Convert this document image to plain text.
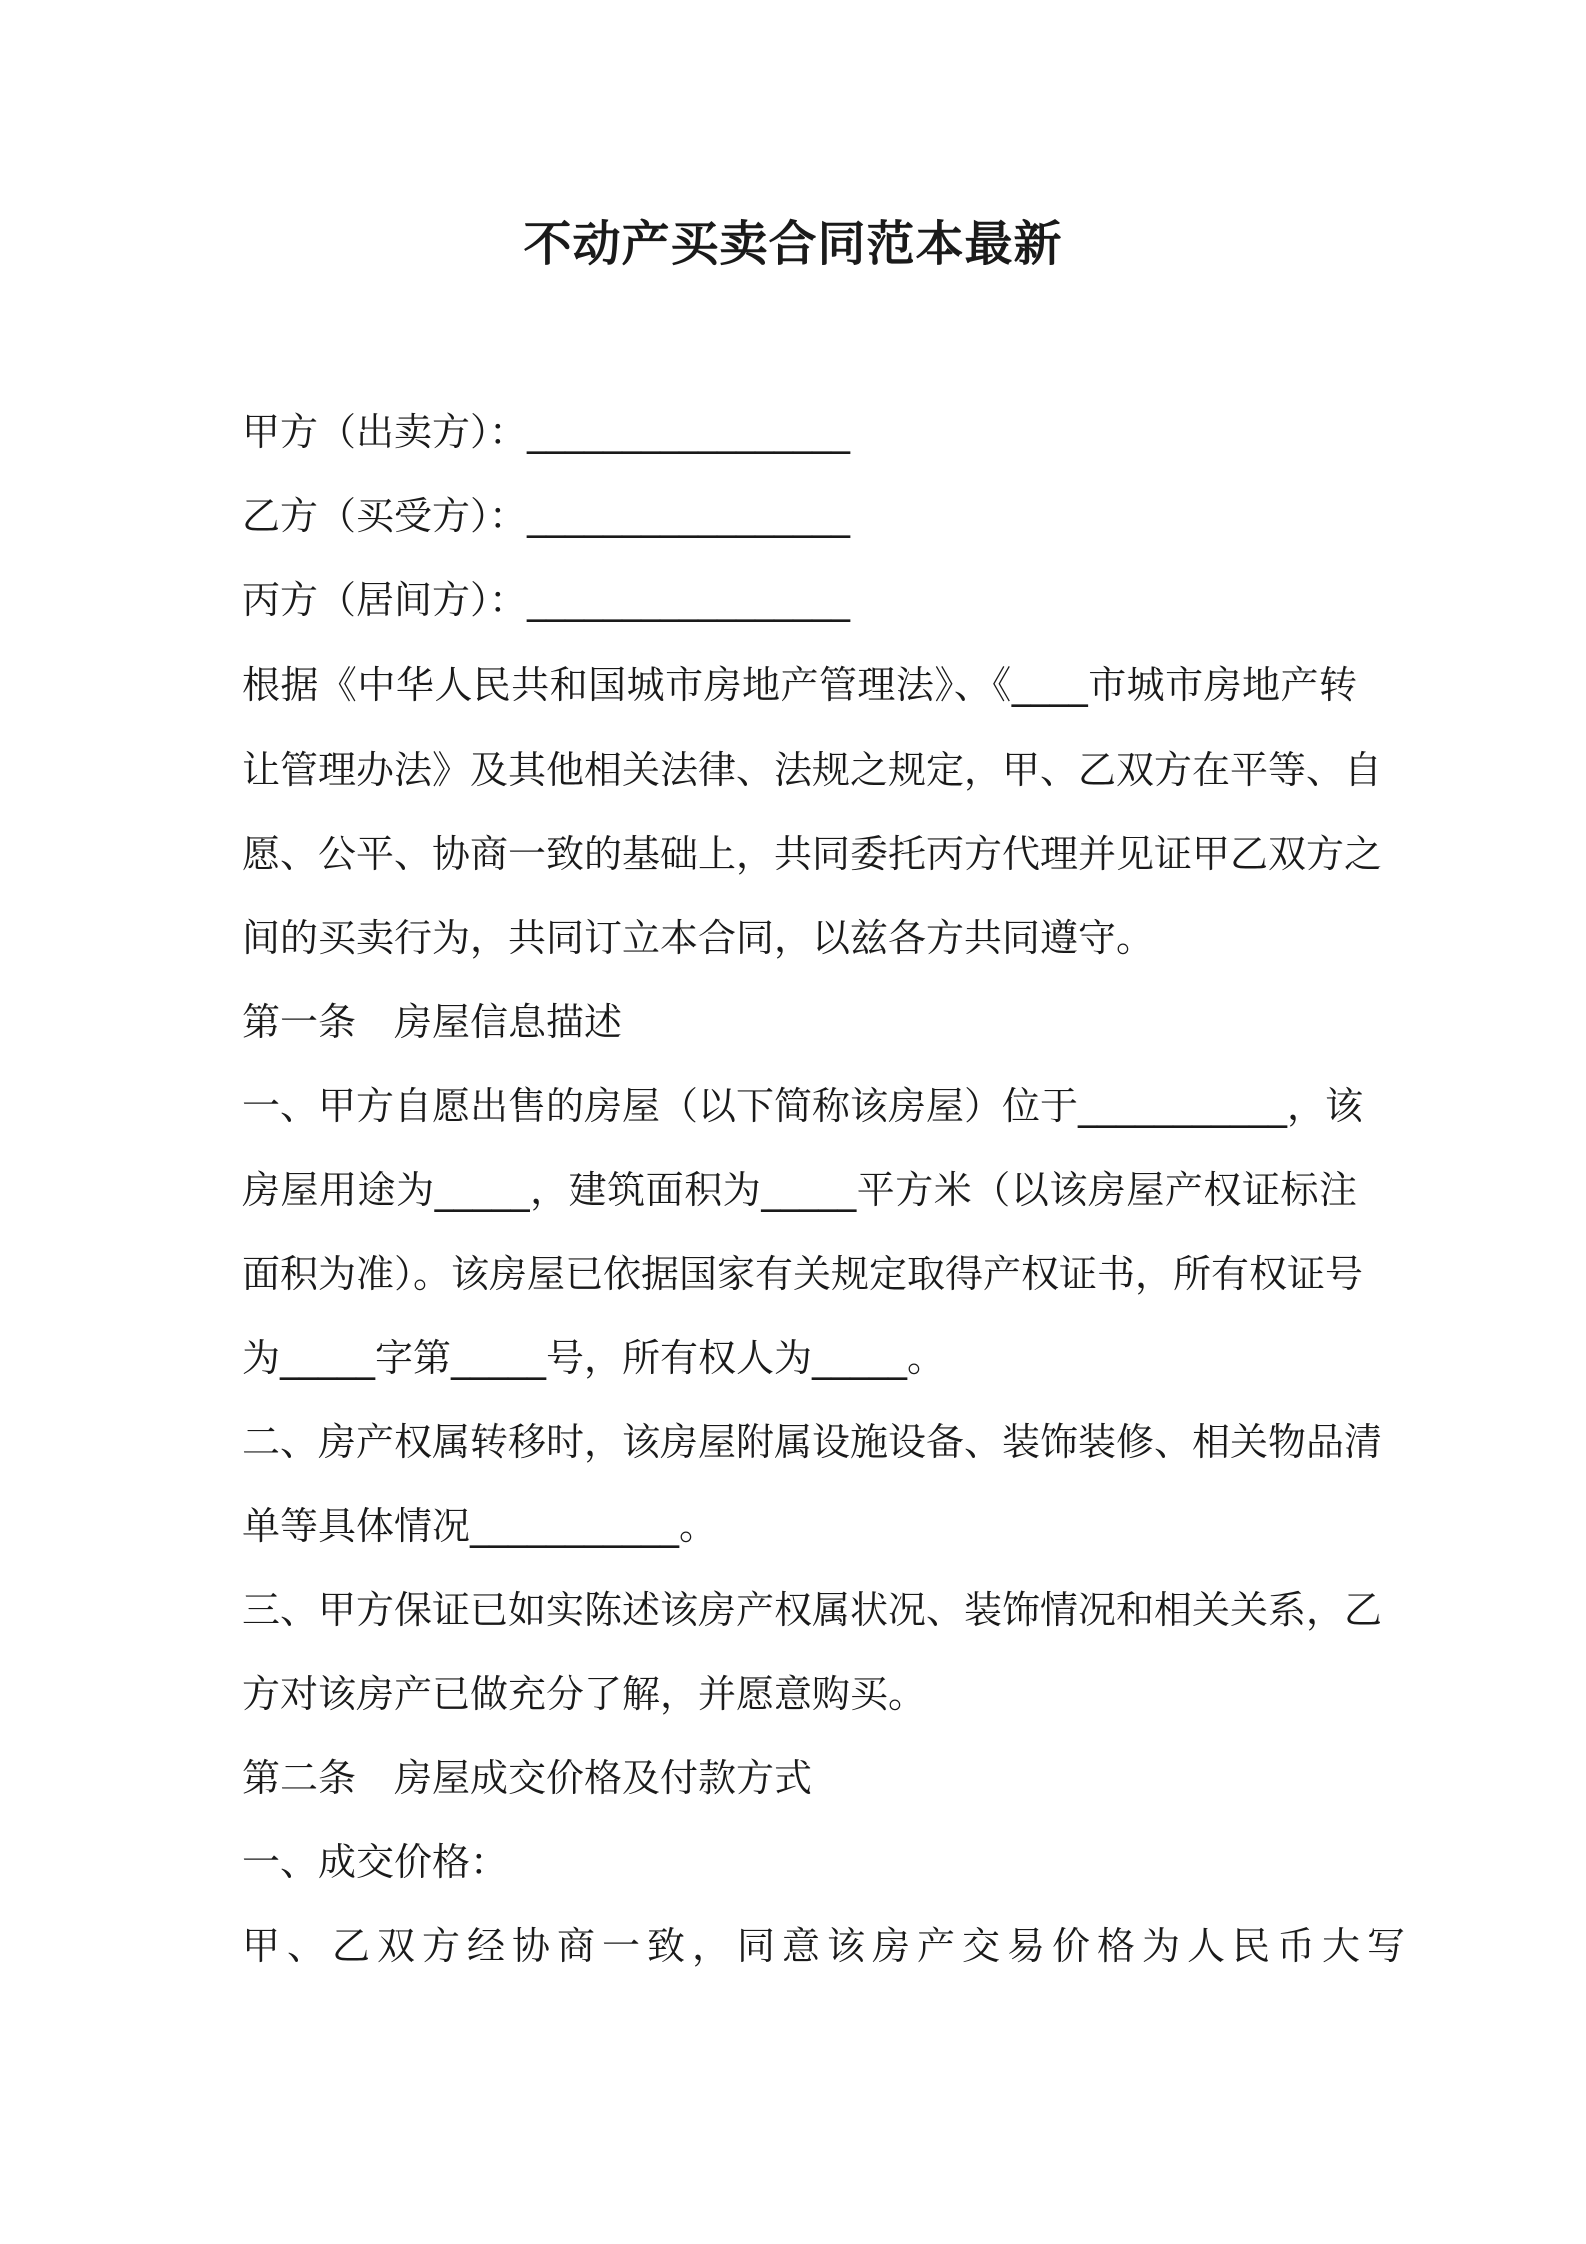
不动产买卖合同范本最新

甲方（出卖方）：_________________

乙方（买受方）：_________________

丙方（居间方）：_________________

根据《中华人民共和国城市房地产管理法》、《____市城市房地产转

让管理办法》及其他相关法律、法规之规定，甲、乙双方在平等、自

愿、公平、协商一致的基础上，共同委托丙方代理并见证甲乙双方之

间的买卖行为，共同订立本合同，以兹各方共同遵守。

第一条　房屋信息描述

一、甲方自愿出售的房屋（以下简称该房屋）位于___________，该

房屋用途为_____，建筑面积为_____平方米（以该房屋产权证标注

面积为准）。该房屋已依据国家有关规定取得产权证书，所有权证号

为_____字第_____号，所有权人为_____。

二、房产权属转移时，该房屋附属设施设备、装饰装修、相关物品清

单等具体情况___________。

三、甲方保证已如实陈述该房产权属状况、装饰情况和相关关系，乙

方对该房产已做充分了解，并愿意购买。

第二条　房屋成交价格及付款方式

一、成交价格：

甲、乙双方经协商一致，同意该房产交易价格为人民币大写
